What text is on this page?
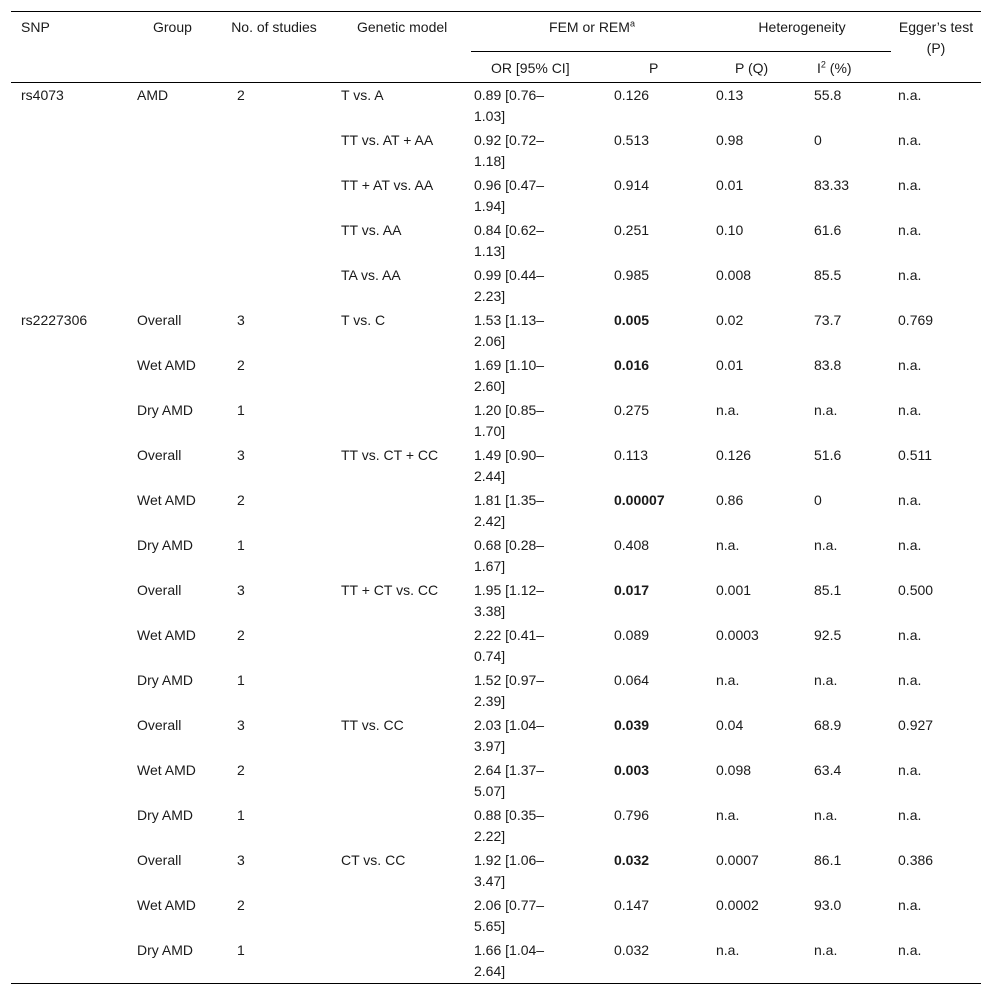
SNP	Group	No. of studies	Genetic model	FEM or REM$^a$		Heterogeneity		Egger’s test (P)
				OR [95% CI]	P	P (Q)	$I^2$ (%)	

rs4073	AMD	2	T vs. A	0.89 [0.76–1.03]	0.126	0.13	55.8	n.a.
			TT vs. AT + AA	0.92 [0.72–1.18]	0.513	0.98	0	n.a.
			TT + AT vs. AA	0.96 [0.47–1.94]	0.914	0.01	83.33	n.a.
			TT vs. AA	0.84 [0.62–1.13]	0.251	0.10	61.6	n.a.
			TA vs. AA	0.99 [0.44–2.23]	0.985	0.008	85.5	n.a.
rs2227306	Overall	3	T vs. C	1.53 [1.13–2.06]	0.005	0.02	73.7	0.769
	Wet AMD	2		1.69 [1.10–2.60]	0.016	0.01	83.8	n.a.
	Dry AMD	1		1.20 [0.85–1.70]	0.275	n.a.	n.a.	n.a.
	Overall	3	TT vs. CT + CC	1.49 [0.90–2.44]	0.113	0.126	51.6	0.511
	Wet AMD	2		1.81 [1.35–2.42]	0.00007	0.86	0	n.a.
	Dry AMD	1		0.68 [0.28–1.67]	0.408	n.a.	n.a.	n.a.
	Overall	3	TT + CT vs. CC	1.95 [1.12–3.38]	0.017	0.001	85.1	0.500
	Wet AMD	2		2.22 [0.41–0.74]	0.089	0.0003	92.5	n.a.
	Dry AMD	1		1.52 [0.97–2.39]	0.064	n.a.	n.a.	n.a.
	Overall	3	TT vs. CC	2.03 [1.04–3.97]	0.039	0.04	68.9	0.927
	Wet AMD	2		2.64 [1.37–5.07]	0.003	0.098	63.4	n.a.
	Dry AMD	1		0.88 [0.35–2.22]	0.796	n.a.	n.a.	n.a.
	Overall	3	CT vs. CC	1.92 [1.06–3.47]	0.032	0.0007	86.1	0.386
	Wet AMD	2		2.06 [0.77–5.65]	0.147	0.0002	93.0	n.a.
	Dry AMD	1		1.66 [1.04– 2.64]	0.032	n.a.	n.a.	n.a.
